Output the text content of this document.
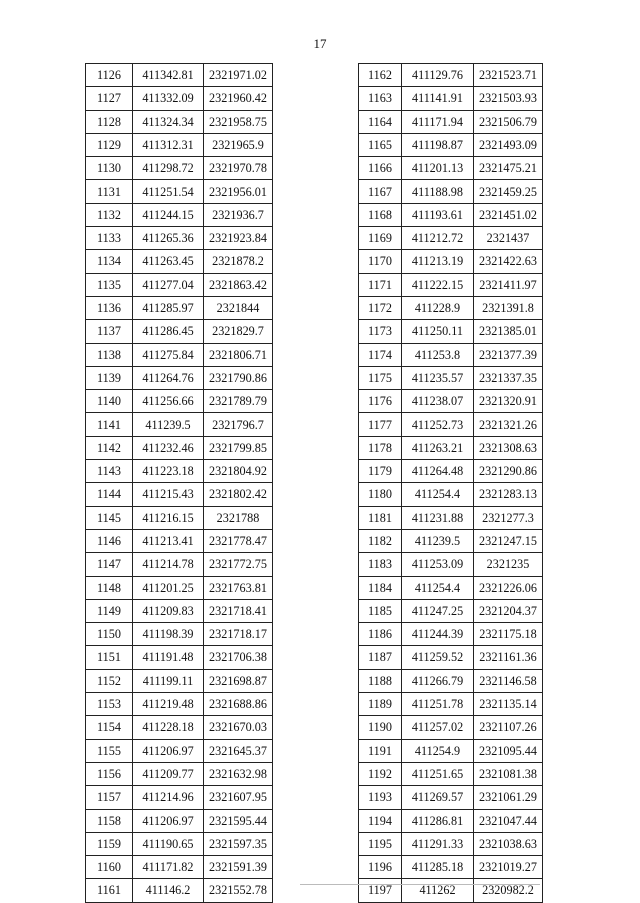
17
1126	411342.81	2321971.02
1127	411332.09	2321960.42
1128	411324.34	2321958.75
1129	411312.31	2321965.9
1130	411298.72	2321970.78
1131	411251.54	2321956.01
1132	411244.15	2321936.7
1133	411265.36	2321923.84
1134	411263.45	2321878.2
1135	411277.04	2321863.42
1136	411285.97	2321844
1137	411286.45	2321829.7
1138	411275.84	2321806.71
1139	411264.76	2321790.86
1140	411256.66	2321789.79
1141	411239.5	2321796.7
1142	411232.46	2321799.85
1143	411223.18	2321804.92
1144	411215.43	2321802.42
1145	411216.15	2321788
1146	411213.41	2321778.47
1147	411214.78	2321772.75
1148	411201.25	2321763.81
1149	411209.83	2321718.41
1150	411198.39	2321718.17
1151	411191.48	2321706.38
1152	411199.11	2321698.87
1153	411219.48	2321688.86
1154	411228.18	2321670.03
1155	411206.97	2321645.37
1156	411209.77	2321632.98
1157	411214.96	2321607.95
1158	411206.97	2321595.44
1159	411190.65	2321597.35
1160	411171.82	2321591.39
1161	411146.2	2321552.78
1162	411129.76	2321523.71
1163	411141.91	2321503.93
1164	411171.94	2321506.79
1165	411198.87	2321493.09
1166	411201.13	2321475.21
1167	411188.98	2321459.25
1168	411193.61	2321451.02
1169	411212.72	2321437
1170	411213.19	2321422.63
1171	411222.15	2321411.97
1172	411228.9	2321391.8
1173	411250.11	2321385.01
1174	411253.8	2321377.39
1175	411235.57	2321337.35
1176	411238.07	2321320.91
1177	411252.73	2321321.26
1178	411263.21	2321308.63
1179	411264.48	2321290.86
1180	411254.4	2321283.13
1181	411231.88	2321277.3
1182	411239.5	2321247.15
1183	411253.09	2321235
1184	411254.4	2321226.06
1185	411247.25	2321204.37
1186	411244.39	2321175.18
1187	411259.52	2321161.36
1188	411266.79	2321146.58
1189	411251.78	2321135.14
1190	411257.02	2321107.26
1191	411254.9	2321095.44
1192	411251.65	2321081.38
1193	411269.57	2321061.29
1194	411286.81	2321047.44
1195	411291.33	2321038.63
1196	411285.18	2321019.27
1197	411262	2320982.2
